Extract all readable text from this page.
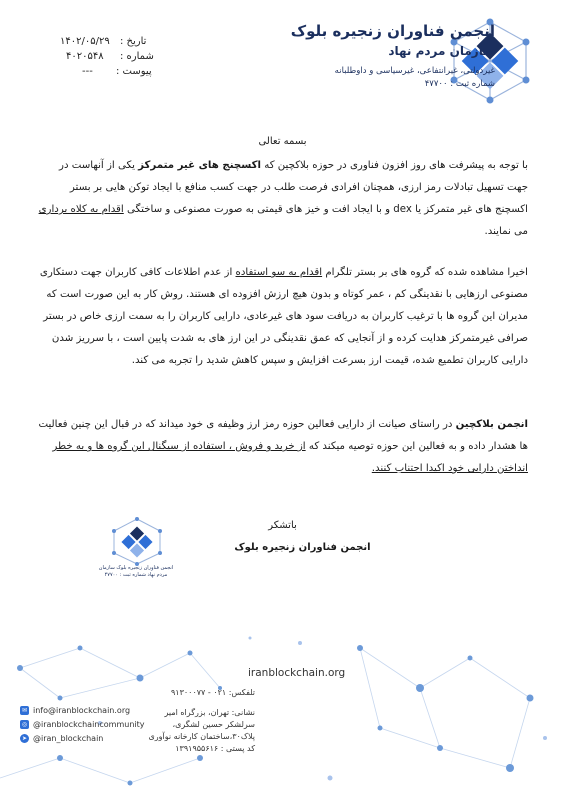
انجمن فناوران زنجیره بلوک
سازمان مردم نهاد
غیردولتی، غیرانتفاعی، غیرسیاسی و داوطلبانه
شماره ثبت : ۴۷۷۰۰
تاریخ :
۱۴۰۲/۰۵/۲۹
شماره :
۴۰۲۰۵۴۸
پیوست :
---
بسمه تعالی
با توجه به پیشرفت های روز افزون فناوری در حوزه بلاکچین که اکسچنج های غیر متمرکز یکی از آنهاست در جهت تسهیل تبادلات رمز ارزی، همچنان افرادی فرصت طلب در جهت کسب منافع با ایجاد توکن هایی بر بستر اکسچنج های غیر متمرکز یا dex و با ایجاد افت و خیز های قیمتی به صورت مصنوعی و ساختگی اقدام به کلاه برداری می نمایند.
اخیرا مشاهده شده که گروه های بر بستر تلگرام اقدام به سو استفاده از عدم اطلاعات کافی کاربران جهت دستکاری مصنوعی ارزهایی با نقدینگی کم ، عمر کوتاه و بدون هیچ ارزش افزوده ای هستند. روش کار به این صورت است که مدیران این گروه ها با ترغیب کاربران به دریافت سود های غیرعادی، دارایی کاربران را به سمت ارزی خاص در بستر صرافی غیرمتمرکز هدایت کرده و از آنجایی که عمق نقدینگی در این ارز های به شدت پایین است ، با سرریز شدن دارایی کاربران تطمیع شده، قیمت ارز بسرعت افزایش و سپس کاهش شدید را تجربه می کند.
انجمن بلاکچین در راستای صیانت از دارایی فعالین حوزه رمز ارز وظیفه ی خود میداند که در قبال این چنین فعالیت ها هشدار داده و به فعالین این حوزه توصیه میکند که از خرید و فروش ، استفاده از سیگنال این گروه ها و به خطر انداختن دارایی خود اکیدا اجتناب کنند.
باتشکر
انجمن فناوران زنجیره بلوک
انجمن فناوران زنجیره بلوک سازمان مردم نهاد شماره ثبت : ۴۷۷۰۰
iranblockchain.org
تلفکس: ۰۲۱ - ۹۱۳۰۰۰۷۷
نشانی: تهران، بزرگراه امیر
سرلشکر حسین لشگری،
پلاک۳۰،ساختمان کارخانه نوآوری
کد پستی : ۱۳۹۱۹۵۵۶۱۶
✉ info@iranblockchain.org
◎ @iranblockchaincommunity
➤ @iran_blockchain
